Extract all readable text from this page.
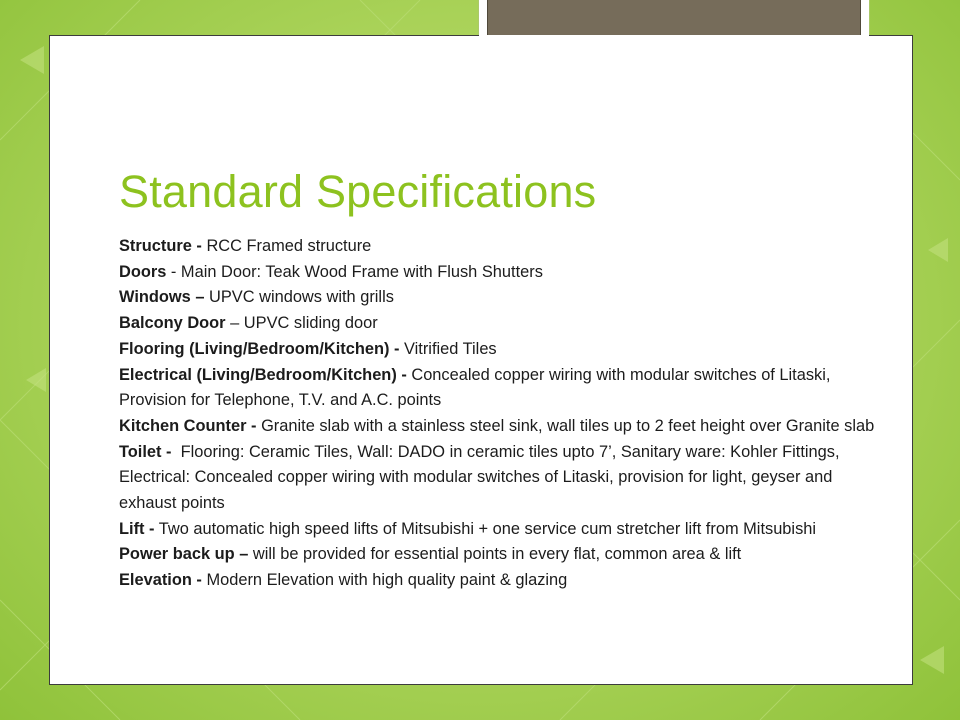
Standard Specifications
Structure - RCC Framed structure
Doors - Main Door: Teak Wood Frame with Flush Shutters
Windows – UPVC windows with grills
Balcony Door – UPVC sliding door
Flooring (Living/Bedroom/Kitchen) - Vitrified Tiles
Electrical (Living/Bedroom/Kitchen) - Concealed copper wiring with modular switches of Litaski, Provision for Telephone, T.V. and A.C. points
Kitchen Counter - Granite slab with a stainless steel sink, wall tiles up to 2 feet height over Granite slab
Toilet - Flooring: Ceramic Tiles, Wall: DADO in ceramic tiles upto 7’, Sanitary ware: Kohler Fittings, Electrical: Concealed copper wiring with modular switches of Litaski, provision for light, geyser and exhaust points
Lift - Two automatic high speed lifts of Mitsubishi + one service cum stretcher lift from Mitsubishi
Power back up – will be provided for essential points in every flat, common area & lift
Elevation - Modern Elevation with high quality paint & glazing
